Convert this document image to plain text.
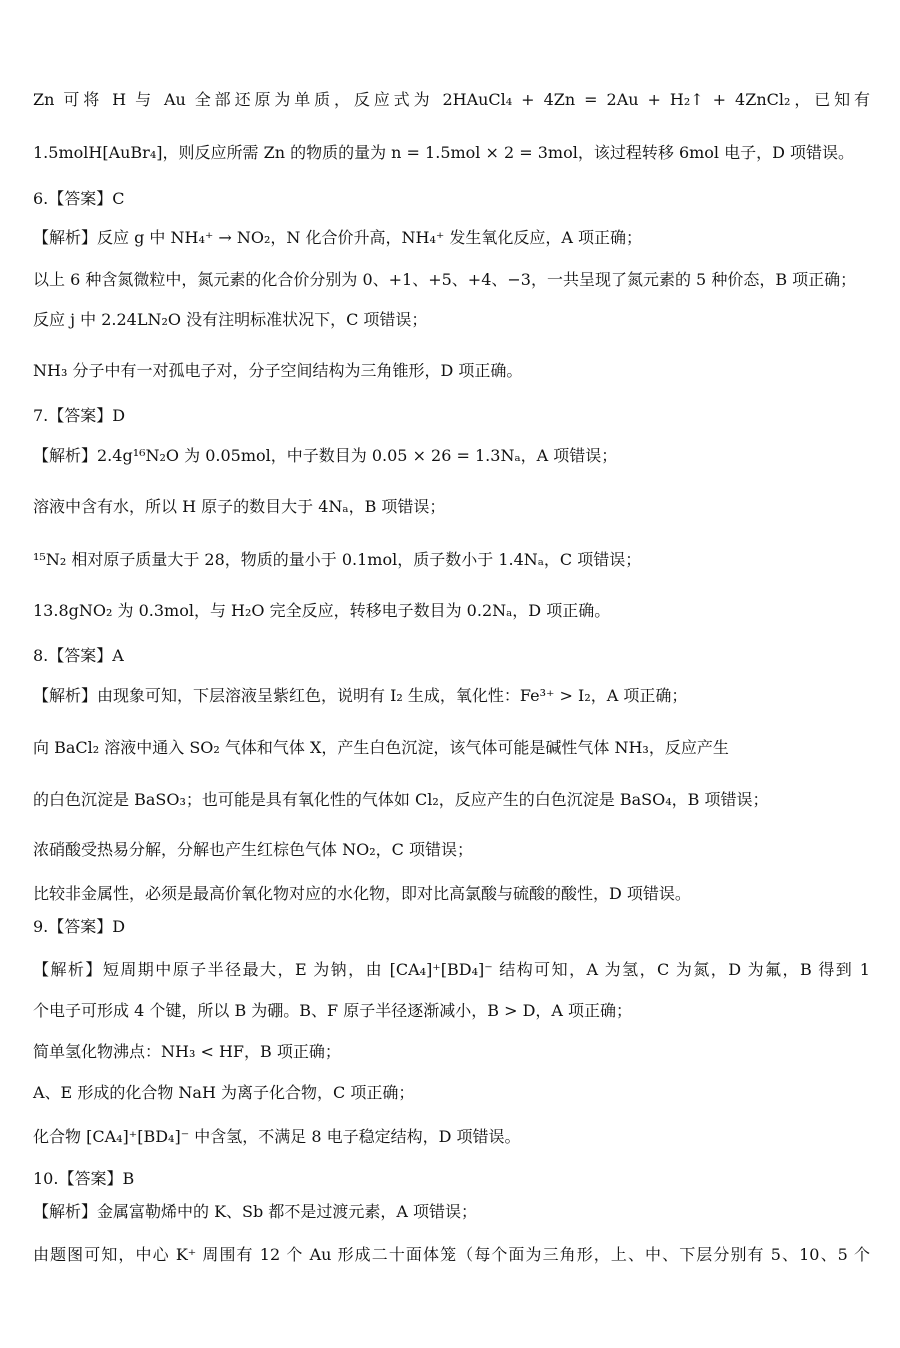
Zn 可将 H 与 Au 全部还原为单质，反应式为 2HAuCl₄ + 4Zn = 2Au + H₂↑ + 4ZnCl₂，已知有
1.5molH[AuBr₄]，则反应所需 Zn 的物质的量为 n = 1.5mol × 2 = 3mol，该过程转移 6mol 电子，D 项错误。
6.【答案】C
【解析】反应 g 中 NH₄⁺ → NO₂，N 化合价升高，NH₄⁺ 发生氧化反应，A 项正确；
以上 6 种含氮微粒中，氮元素的化合价分别为 0、+1、+5、+4、−3，一共呈现了氮元素的 5 种价态，B 项正确；
反应 j 中 2.24LN₂O 没有注明标准状况下，C 项错误；
NH₃ 分子中有一对孤电子对，分子空间结构为三角锥形，D 项正确。
7.【答案】D
【解析】2.4g¹⁶N₂O 为 0.05mol，中子数目为 0.05 × 26 = 1.3Nₐ，A 项错误；
溶液中含有水，所以 H 原子的数目大于 4Nₐ，B 项错误；
¹⁵N₂ 相对原子质量大于 28，物质的量小于 0.1mol，质子数小于 1.4Nₐ，C 项错误；
13.8gNO₂ 为 0.3mol，与 H₂O 完全反应，转移电子数目为 0.2Nₐ，D 项正确。
8.【答案】A
【解析】由现象可知，下层溶液呈紫红色，说明有 I₂ 生成，氧化性：Fe³⁺ > I₂，A 项正确；
向 BaCl₂ 溶液中通入 SO₂ 气体和气体 X，产生白色沉淀，该气体可能是碱性气体 NH₃，反应产生
的白色沉淀是 BaSO₃；也可能是具有氧化性的气体如 Cl₂，反应产生的白色沉淀是 BaSO₄，B 项错误；
浓硝酸受热易分解，分解也产生红棕色气体 NO₂，C 项错误；
比较非金属性，必须是最高价氧化物对应的水化物，即对比高氯酸与硫酸的酸性，D 项错误。
9.【答案】D
【解析】短周期中原子半径最大，E 为钠，由 [CA₄]⁺[BD₄]⁻ 结构可知，A 为氢，C 为氮，D 为氟，B 得到 1
个电子可形成 4 个键，所以 B 为硼。B、F 原子半径逐渐减小，B > D，A 项正确；
简单氢化物沸点：NH₃ < HF，B 项正确；
A、E 形成的化合物 NaH 为离子化合物，C 项正确；
化合物 [CA₄]⁺[BD₄]⁻ 中含氢，不满足 8 电子稳定结构，D 项错误。
10.【答案】B
【解析】金属富勒烯中的 K、Sb 都不是过渡元素，A 项错误；
由题图可知，中心 K⁺ 周围有 12 个 Au 形成二十面体笼（每个面为三角形，上、中、下层分别有 5、10、5 个
